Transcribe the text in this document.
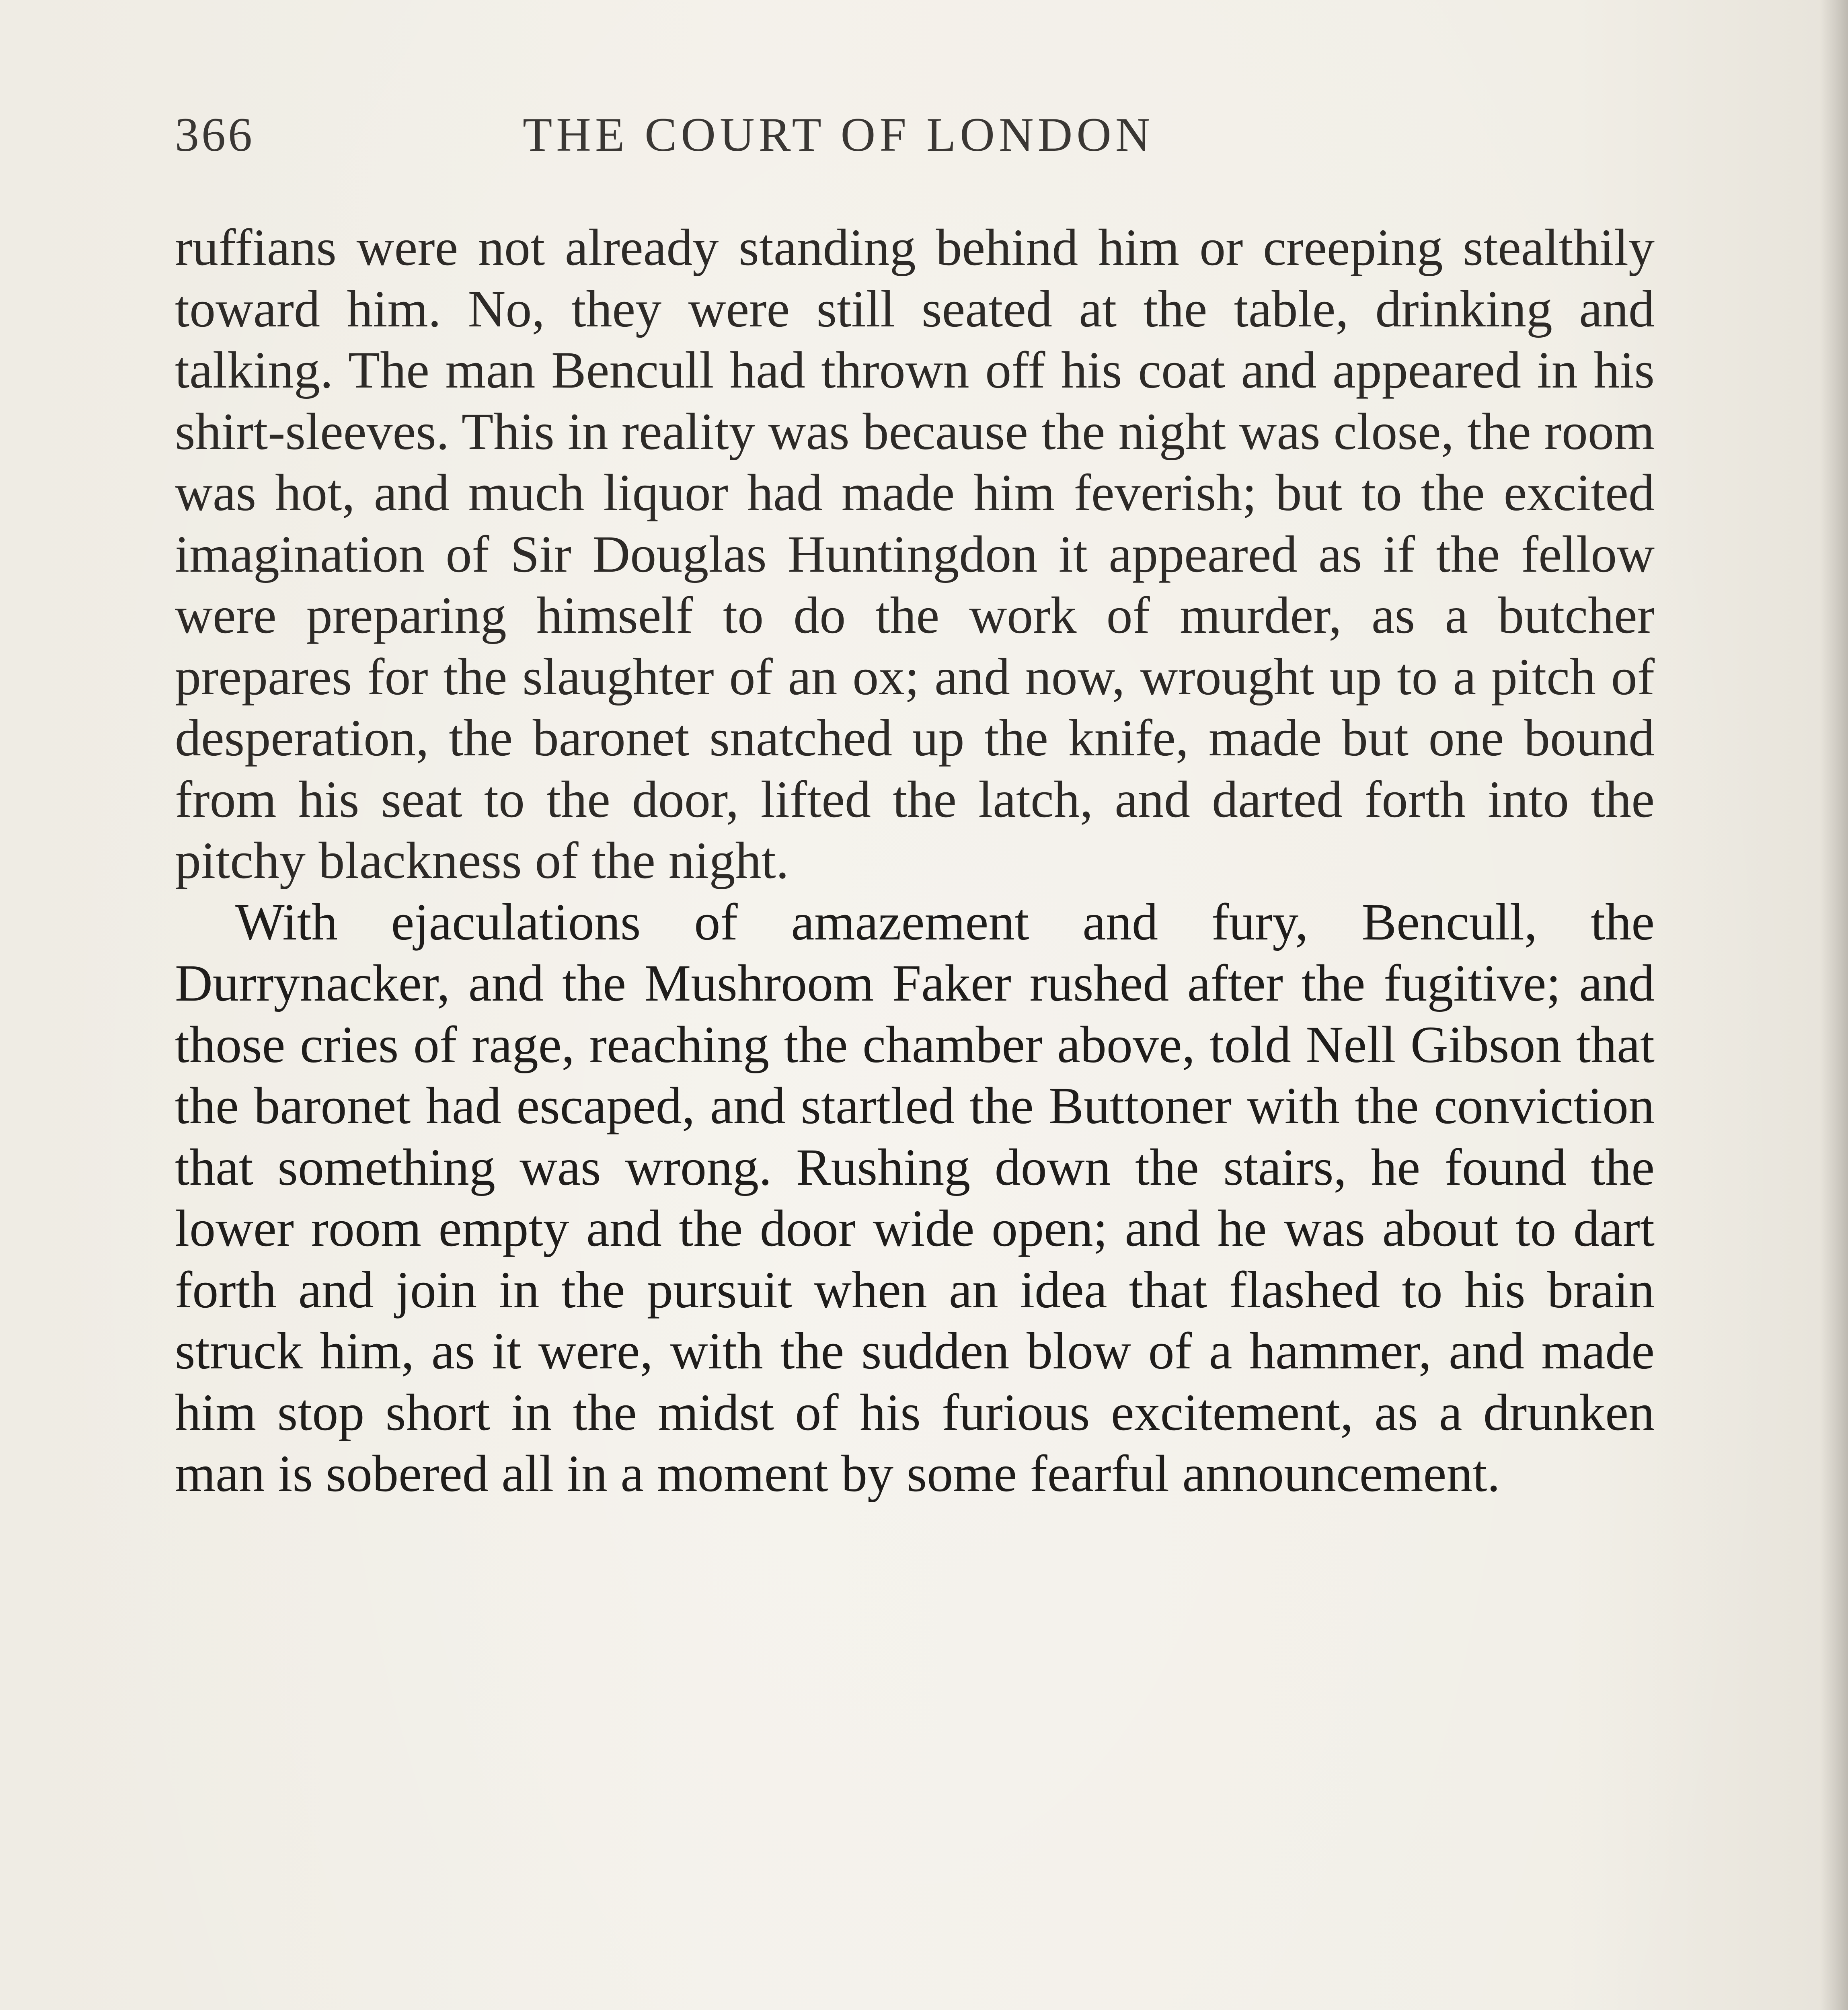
366	THE COURT OF LONDON

ruffians were not already standing behind him or creeping stealthily toward him. No, they were still seated at the table, drinking and talking. The man Bencull had thrown off his coat and appeared in his shirt-sleeves. This in reality was because the night was close, the room was hot, and much liquor had made him feverish; but to the excited imagination of Sir Douglas Huntingdon it appeared as if the fellow were preparing himself to do the work of murder, as a butcher prepares for the slaughter of an ox; and now, wrought up to a pitch of desperation, the baronet snatched up the knife, made but one bound from his seat to the door, lifted the latch, and darted forth into the pitchy blackness of the night.

With ejaculations of amazement and fury, Bencull, the Durrynacker, and the Mushroom Faker rushed after the fugitive; and those cries of rage, reaching the chamber above, told Nell Gibson that the baronet had escaped, and startled the Buttoner with the conviction that something was wrong. Rushing down the stairs, he found the lower room empty and the door wide open; and he was about to dart forth and join in the pursuit when an idea that flashed to his brain struck him, as it were, with the sudden blow of a hammer, and made him stop short in the midst of his furious excitement, as a drunken man is sobered all in a moment by some fearful announcement.
